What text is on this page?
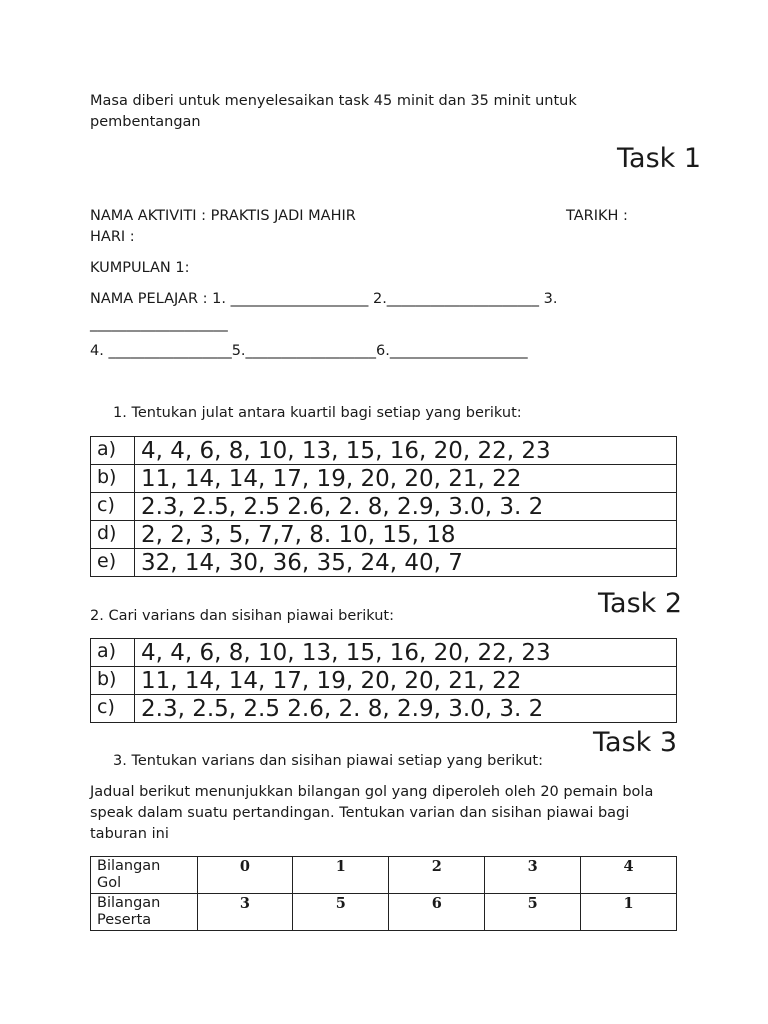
Masa diberi untuk menyelesaikan task 45 minit dan 35 minit untuk
pembentangan
Task 1
NAMA AKTIVITI : PRAKTIS JADI MAHIR	TARIKH :
HARI :
KUMPULAN 1:
NAMA PELAJAR : 1. ___________________ 2._____________________ 3.
___________________
4. _________________5.__________________6.___________________
1. Tentukan julat antara kuartil bagi setiap yang berikut:
a)	4, 4, 6, 8, 10, 13, 15, 16, 20, 22, 23
b)	11, 14, 14, 17, 19, 20, 20, 21, 22
c)	2.3, 2.5, 2.5 2.6, 2. 8, 2.9, 3.0, 3. 2
d)	2, 2, 3, 5, 7,7, 8. 10, 15, 18
e)	32, 14, 30, 36, 35, 24, 40, 7
Task 2
2. Cari varians dan sisihan piawai berikut:
a)	4, 4, 6, 8, 10, 13, 15, 16, 20, 22, 23
b)	11, 14, 14, 17, 19, 20, 20, 21, 22
c)	2.3, 2.5, 2.5 2.6, 2. 8, 2.9, 3.0, 3. 2
Task 3
3. Tentukan varians dan sisihan piawai setiap yang berikut:
Jadual berikut menunjukkan bilangan gol yang diperoleh oleh 20 pemain bola
speak dalam suatu pertandingan. Tentukan varian dan sisihan piawai bagi
taburan ini
Bilangan
Gol	0	1	2	3	4

Bilangan
Peserta	3	5	6	5	1
